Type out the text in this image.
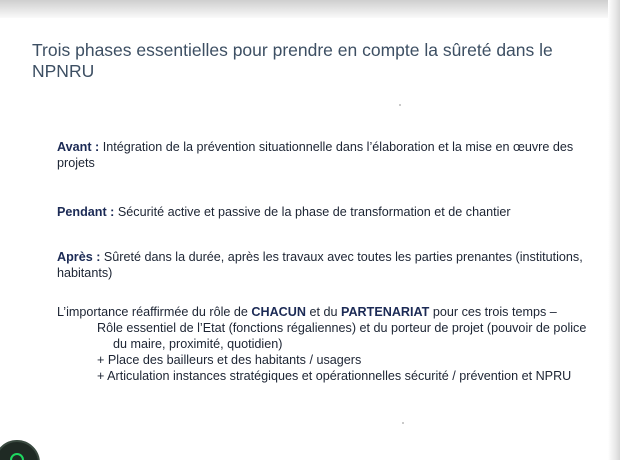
Trois phases essentielles pour prendre en compte la sûreté dans le NPNRU

Avant : Intégration de la prévention situationnelle dans l’élaboration et la mise en œuvre des projets

Pendant : Sécurité active et passive de la phase de transformation et de chantier

Après : Sûreté dans la durée, après les travaux avec toutes les parties prenantes (institutions, habitants)

L’importance réaffirmée du rôle de CHACUN et du PARTENARIAT pour ces trois temps –

Rôle essentiel de l’Etat (fonctions régaliennes) et du porteur de projet (pouvoir de police du maire, proximité, quotidien)

+ Place des bailleurs et des habitants / usagers

+ Articulation instances stratégiques et opérationnelles sécurité / prévention et NPRU
